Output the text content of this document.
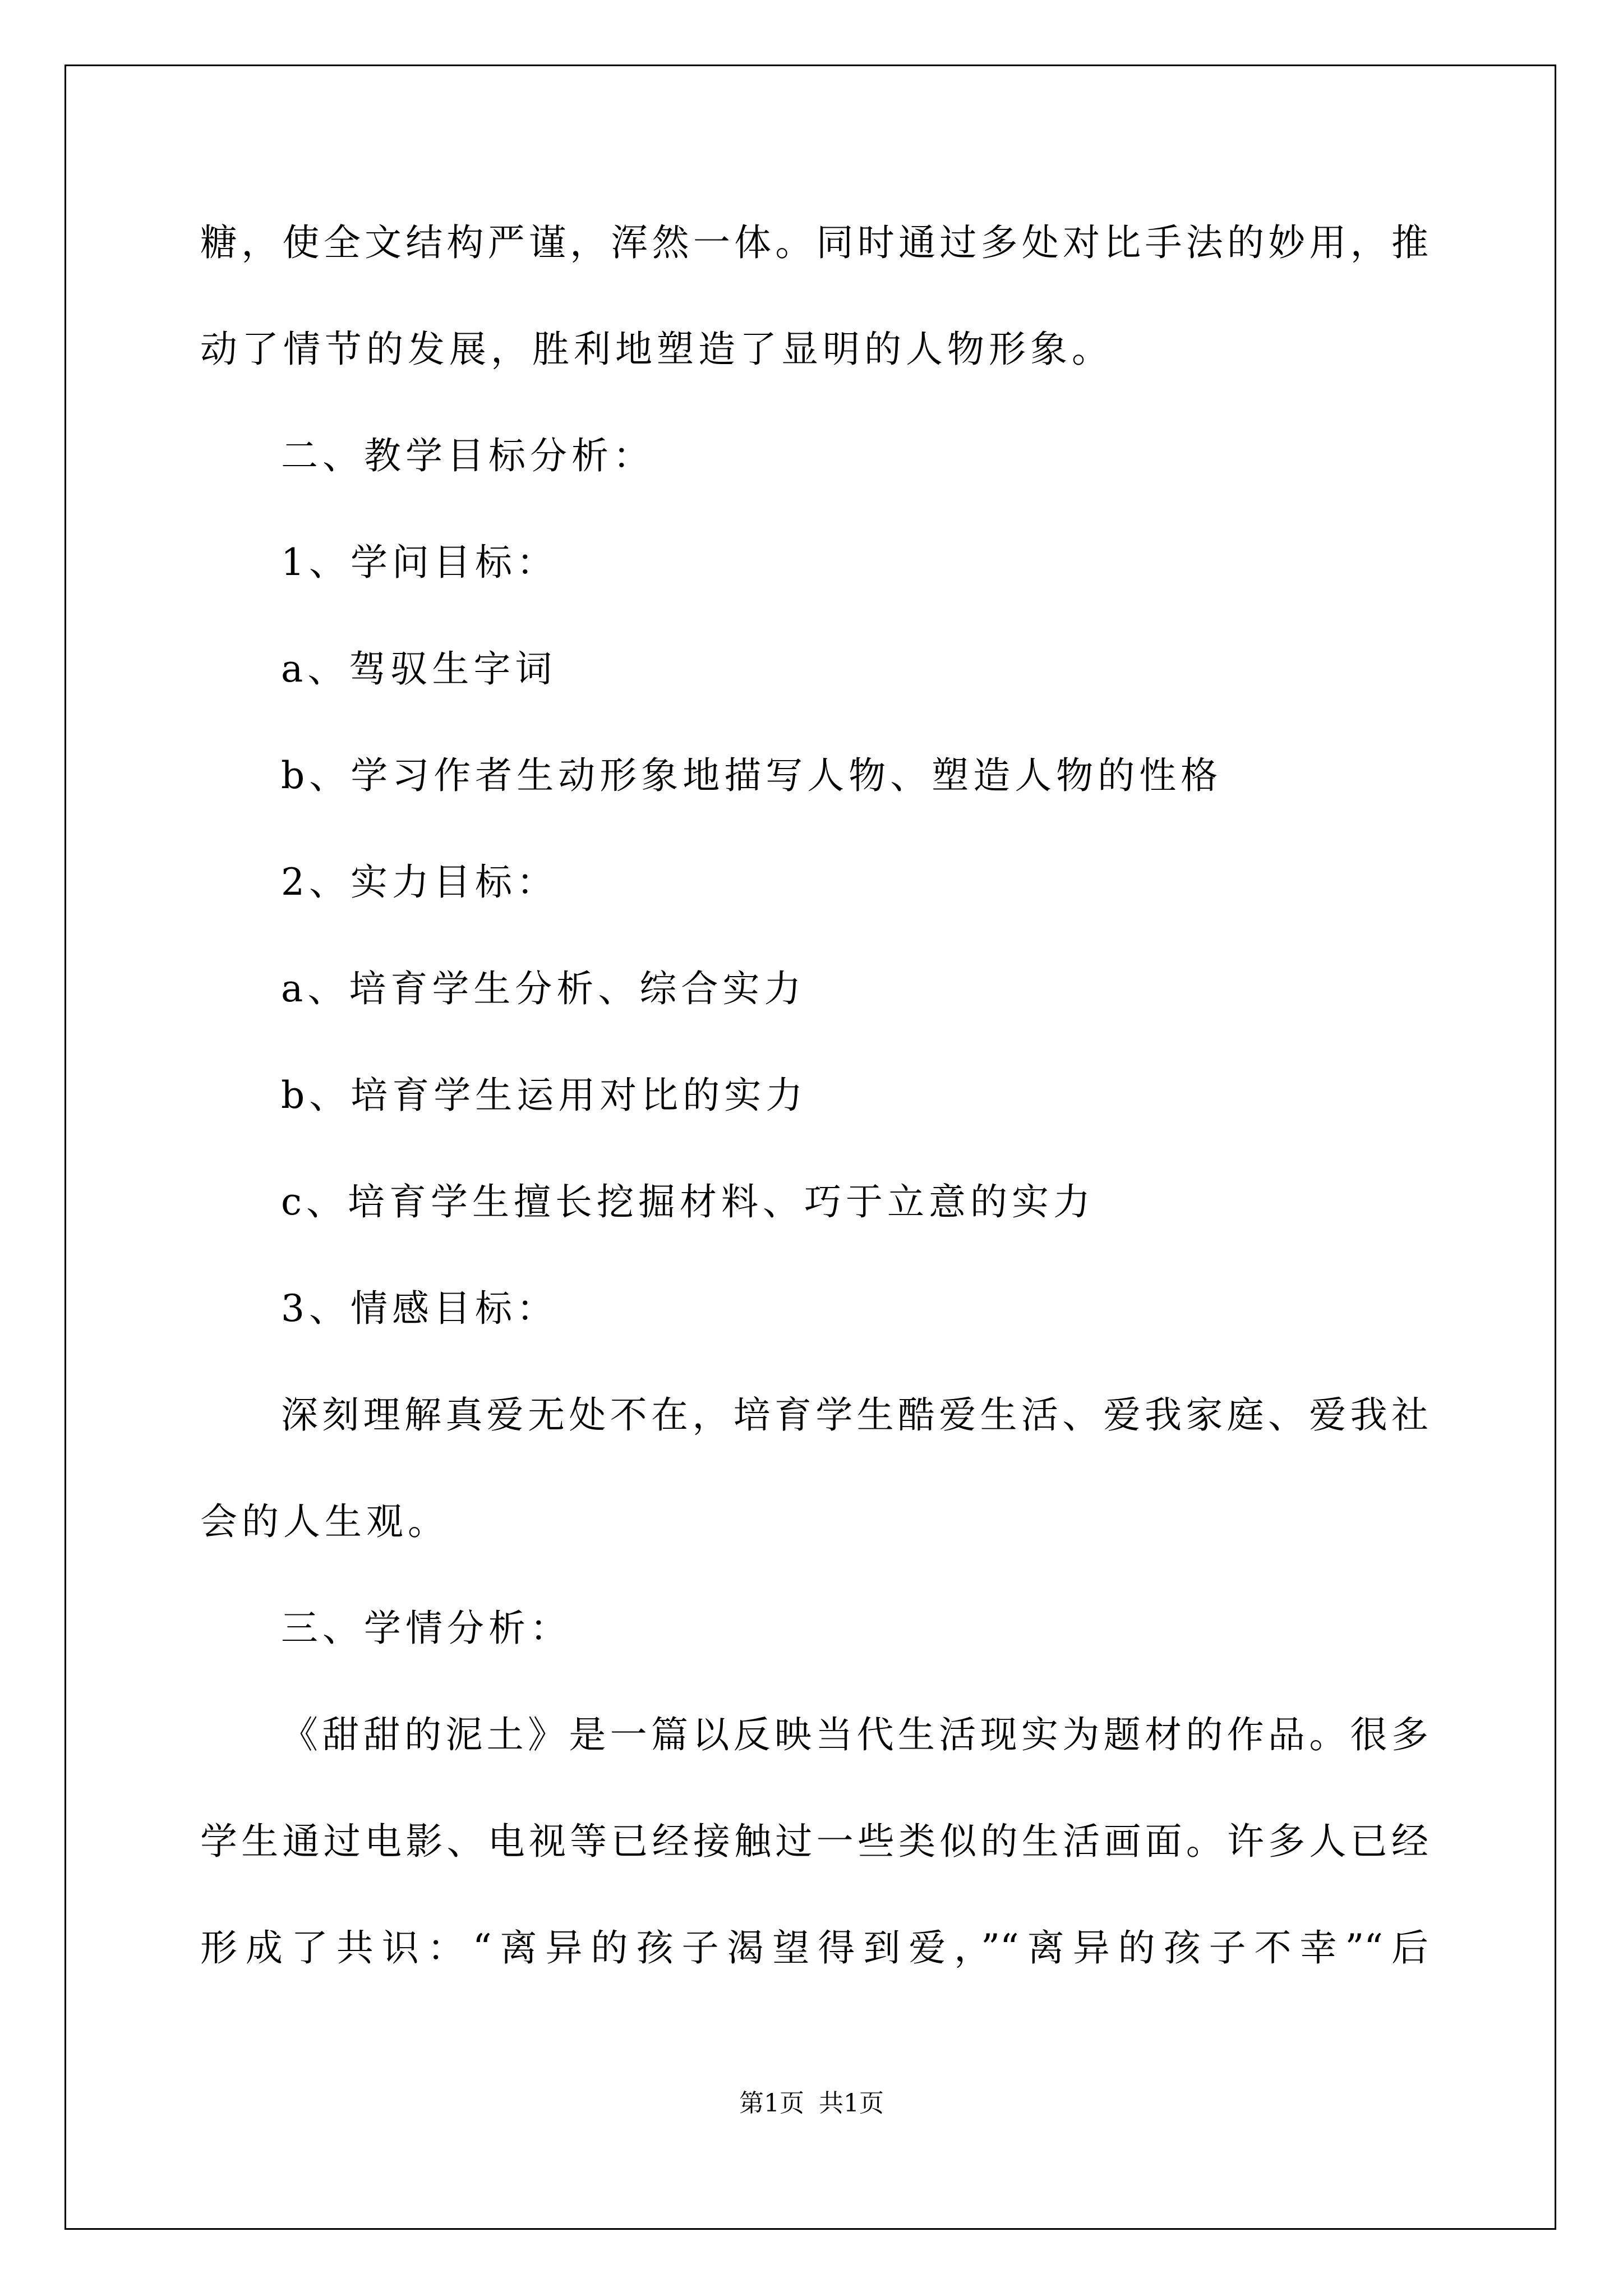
糖，使全文结构严谨，浑然一体。同时通过多处对比手法的妙用，推
动了情节的发展，胜利地塑造了显明的人物形象。
二、教学目标分析：
1、学问目标：
a、驾驭生字词
b、学习作者生动形象地描写人物、塑造人物的性格
2、实力目标：
a、培育学生分析、综合实力
b、培育学生运用对比的实力
c、培育学生擅长挖掘材料、巧于立意的实力
3、情感目标：
深刻理解真爱无处不在，培育学生酷爱生活、爱我家庭、爱我社
会的人生观。
三、学情分析：
《甜甜的泥土》是一篇以反映当代生活现实为题材的作品。很多
学生通过电影、电视等已经接触过一些类似的生活画面。许多人已经
形成了共识：“离异的孩子渴望得到爱，”“离异的孩子不幸”“后
第1页 共1页
